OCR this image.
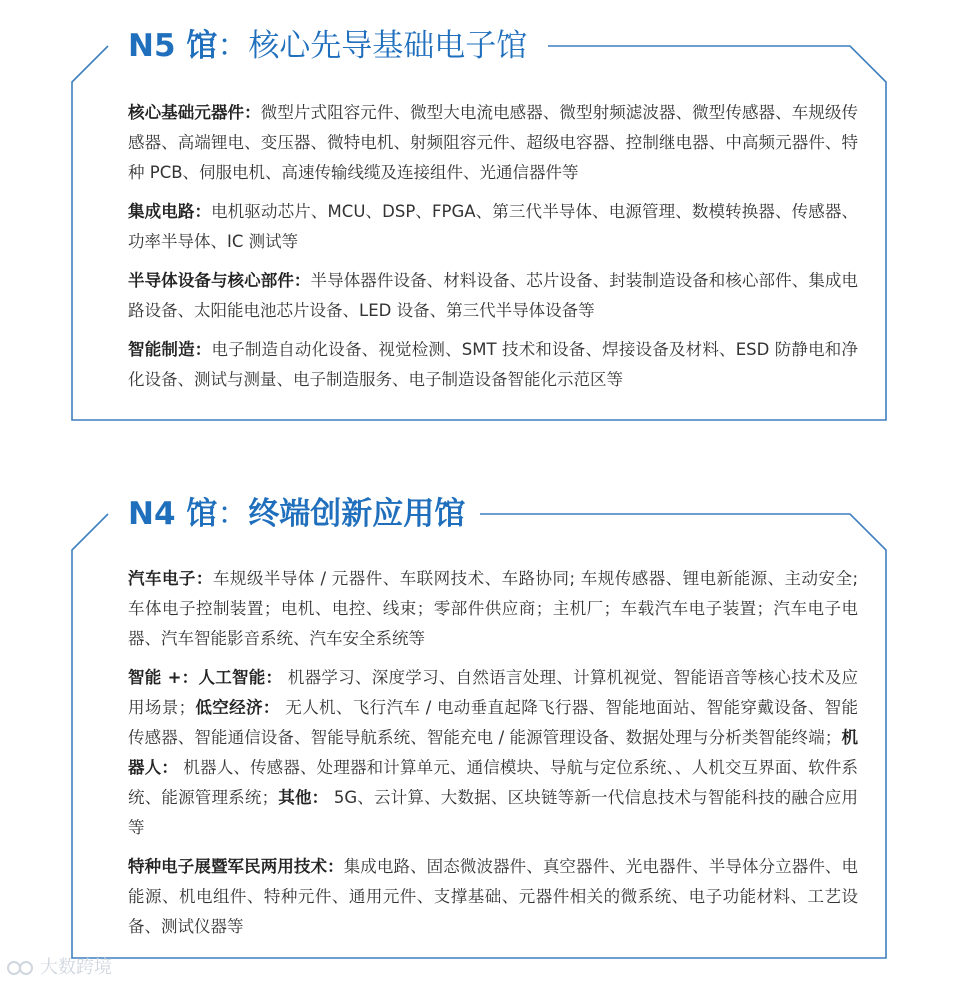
N5 馆：核心先导基础电子馆

核心基础元器件：微型片式阻容元件、微型大电流电感器、微型射频滤波器、微型传感器、车规级传感器、高端锂电、变压器、微特电机、射频阻容元件、超级电容器、控制继电器、中高频元器件、特种 PCB、伺服电机、高速传输线缆及连接组件、光通信器件等

集成电路：电机驱动芯片、MCU、DSP、FPGA、第三代半导体、电源管理、数模转换器、传感器、功率半导体、IC 测试等

半导体设备与核心部件：半导体器件设备、材料设备、芯片设备、封装制造设备和核心部件、集成电路设备、太阳能电池芯片设备、LED 设备、第三代半导体设备等

智能制造：电子制造自动化设备、视觉检测、SMT 技术和设备、焊接设备及材料、ESD 防静电和净化设备、测试与测量、电子制造服务、电子制造设备智能化示范区等

N4 馆：终端创新应用馆

汽车电子：车规级半导体 / 元器件、车联网技术、车路协同; 车规传感器、锂电新能源、主动安全; 车体电子控制装置；电机、电控、线束；零部件供应商；主机厂；车载汽车电子装置；汽车电子电器、汽车智能影音系统、汽车安全系统等

智能 +：人工智能： 机器学习、深度学习、自然语言处理、计算机视觉、智能语音等核心技术及应用场景；低空经济： 无人机、飞行汽车 / 电动垂直起降飞行器、智能地面站、智能穿戴设备、智能传感器、智能通信设备、智能导航系统、智能充电 / 能源管理设备、数据处理与分析类智能终端；机器人： 机器人、传感器、处理器和计算单元、通信模块、导航与定位系统、、人机交互界面、软件系统、能源管理系统；其他： 5G、云计算、大数据、区块链等新一代信息技术与智能科技的融合应用等

特种电子展暨军民两用技术：集成电路、固态微波器件、真空器件、光电器件、半导体分立器件、电能源、机电组件、特种元件、通用元件、支撑基础、元器件相关的微系统、电子功能材料、工艺设备、测试仪器等

大数跨境
